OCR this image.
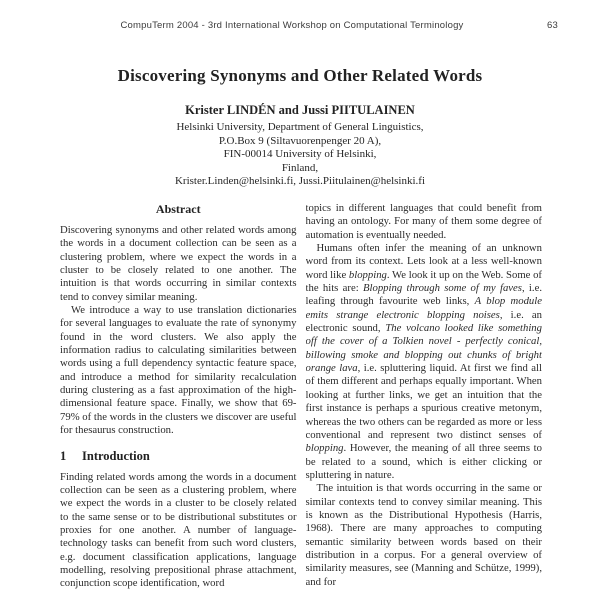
CompuTerm 2004 - 3rd International Workshop on Computational Terminology	63
Discovering Synonyms and Other Related Words
Krister LINDÉN and Jussi PIITULAINEN
Helsinki University, Department of General Linguistics,
P.O.Box 9 (Siltavuorenpenger 20 A),
FIN-00014 University of Helsinki,
Finland,
Krister.Linden@helsinki.fi, Jussi.Piitulainen@helsinki.fi
Abstract

Discovering synonyms and other related words among the words in a document collection can be seen as a clustering problem, where we expect the words in a cluster to be closely related to one another. The intuition is that words occurring in similar contexts tend to convey similar meaning.

We introduce a way to use translation dictionaries for several languages to evaluate the rate of synonymy found in the word clusters. We also apply the information radius to calculating similarities between words using a full dependency syntactic feature space, and introduce a method for similarity recalculation during clustering as a fast approximation of the high-dimensional feature space. Finally, we show that 69-79% of the words in the clusters we discover are useful for thesaurus construction.

1 Introduction

Finding related words among the words in a document collection can be seen as a clustering problem, where we expect the words in a cluster to be closely related to the same sense or to be distributional substitutes or proxies for one another. A number of language-technology tasks can benefit from such word clusters, e.g. document classification applications, language modelling, resolving prepositional phrase attachment, conjunction scope identification, word

topics in different languages that could benefit from having an ontology. For many of them some degree of automation is eventually needed.

Humans often infer the meaning of an unknown word from its context. Lets look at a less well-known word like blopping. We look it up on the Web. Some of the hits are: Blopping through some of my faves, i.e. leafing through favourite web links, A blop module emits strange electronic blopping noises, i.e. an electronic sound, The volcano looked like something off the cover of a Tolkien novel - perfectly conical, billowing smoke and blopping out chunks of bright orange lava, i.e. spluttering liquid. At first we find all of them different and perhaps equally important. When looking at further links, we get an intuition that the first instance is perhaps a spurious creative metonym, whereas the two others can be regarded as more or less conventional and represent two distinct senses of blopping. However, the meaning of all three seems to be related to a sound, which is either clicking or spluttering in nature.

The intuition is that words occurring in the same or similar contexts tend to convey similar meaning. This is known as the Distributional Hypothesis (Harris, 1968). There are many approaches to computing semantic similarity between words based on their distribution in a corpus. For a general overview of similarity measures, see (Manning and Schütze, 1999), and for
